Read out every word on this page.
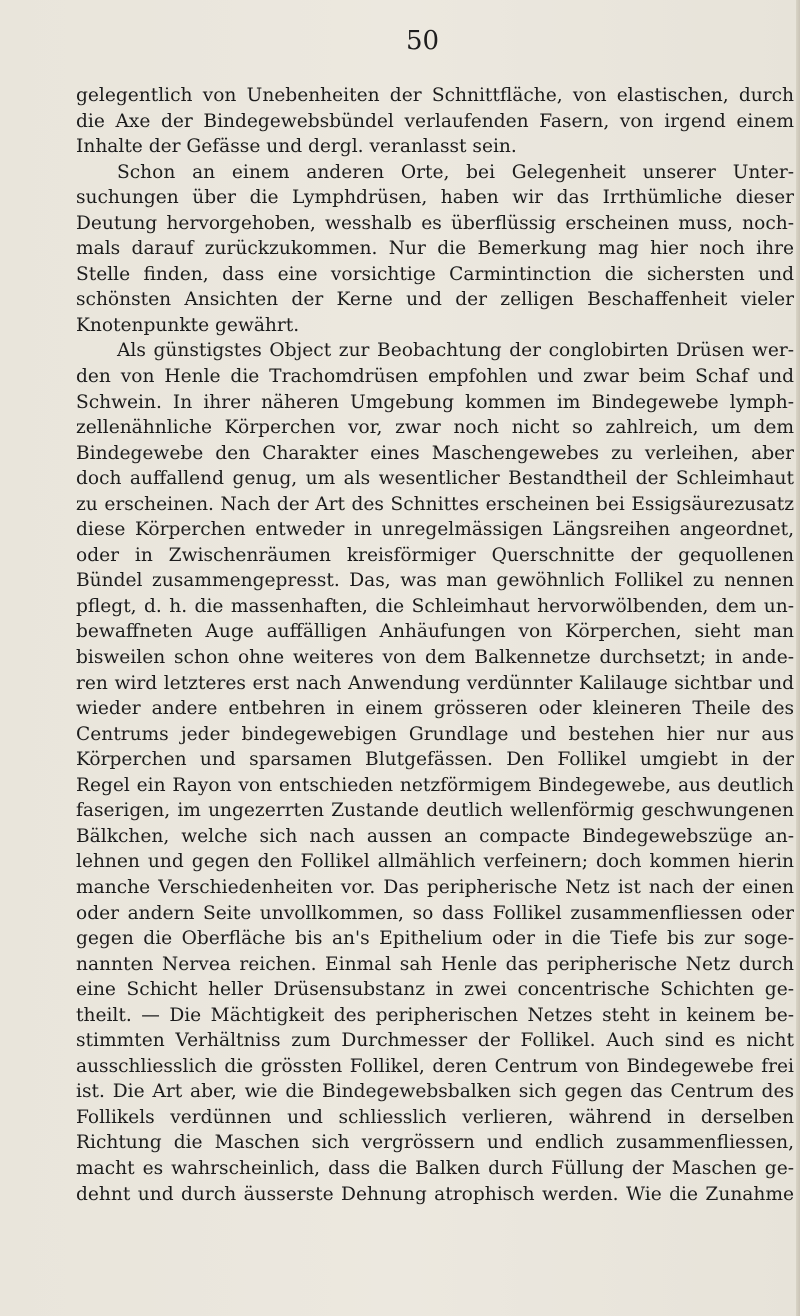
50

gelegentlich von Unebenheiten der Schnittfläche, von elastischen, durch die Axe der Bindegewebsbündel verlaufenden Fasern, von irgend einem Inhalte der Gefässe und dergl. veranlasst sein.

Schon an einem anderen Orte, bei Gelegenheit unserer Unter-suchungen über die Lymphdrüsen, haben wir das Irrthümliche dieser Deutung hervorgehoben, wesshalb es überflüssig erscheinen muss, noch-mals darauf zurückzukommen. Nur die Bemerkung mag hier noch ihre Stelle finden, dass eine vorsichtige Carmintinction die sichersten und schönsten Ansichten der Kerne und der zelligen Beschaffenheit vieler Knotenpunkte gewährt.

Als günstigstes Object zur Beobachtung der conglobirten Drüsen wer-den von Henle die Trachomdrüsen empfohlen und zwar beim Schaf und Schwein. In ihrer näheren Umgebung kommen im Bindegewebe lymph-zellenähnliche Körperchen vor, zwar noch nicht so zahlreich, um dem Bindegewebe den Charakter eines Maschengewebes zu verleihen, aber doch auffallend genug, um als wesentlicher Bestandtheil der Schleimhaut zu erscheinen. Nach der Art des Schnittes erscheinen bei Essigsäurezusatz diese Körperchen entweder in unregelmässigen Längsreihen angeordnet, oder in Zwischenräumen kreisförmiger Querschnitte der gequollenen Bündel zusammengepresst. Das, was man gewöhnlich Follikel zu nennen pflegt, d. h. die massenhaften, die Schleimhaut hervorwölbenden, dem un-bewaffneten Auge auffälligen Anhäufungen von Körperchen, sieht man bisweilen schon ohne weiteres von dem Balkennetze durchsetzt; in ande-ren wird letzteres erst nach Anwendung verdünnter Kalilauge sichtbar und wieder andere entbehren in einem grösseren oder kleineren Theile des Centrums jeder bindegewebigen Grundlage und bestehen hier nur aus Körperchen und sparsamen Blutgefässen. Den Follikel umgiebt in der Regel ein Rayon von entschieden netzförmigem Bindegewebe, aus deutlich faserigen, im ungezerrten Zustande deutlich wellenförmig geschwungenen Bälkchen, welche sich nach aussen an compacte Bindegewebszüge an-lehnen und gegen den Follikel allmählich verfeinern; doch kommen hierin manche Verschiedenheiten vor. Das peripherische Netz ist nach der einen oder andern Seite unvollkommen, so dass Follikel zusammenfliessen oder gegen die Oberfläche bis an's Epithelium oder in die Tiefe bis zur soge-nannten Nervea reichen. Einmal sah Henle das peripherische Netz durch eine Schicht heller Drüsensubstanz in zwei concentrische Schichten ge-theilt. — Die Mächtigkeit des peripherischen Netzes steht in keinem be-stimmten Verhältniss zum Durchmesser der Follikel. Auch sind es nicht ausschliesslich die grössten Follikel, deren Centrum von Bindegewebe frei ist. Die Art aber, wie die Bindegewebsbalken sich gegen das Centrum des Follikels verdünnen und schliesslich verlieren, während in derselben Richtung die Maschen sich vergrössern und endlich zusammenfliessen, macht es wahrscheinlich, dass die Balken durch Füllung der Maschen ge-dehnt und durch äusserste Dehnung atrophisch werden. Wie die Zunahme
